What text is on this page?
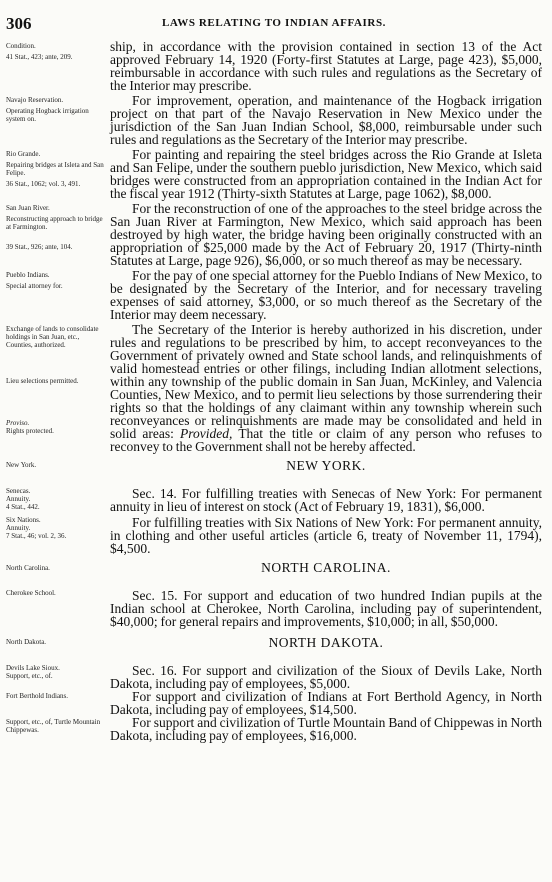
306	LAWS RELATING TO INDIAN AFFAIRS.
Condition.
41 Stat., 423; ante, 209.

ship, in accordance with the provision contained in section 13 of the Act approved February 14, 1920 (Forty-first Statutes at Large, page 423), $5,000, reimbursable in accordance with such rules and regulations as the Secretary of the Interior may prescribe.

Navajo Reservation.
Operating Hogback irrigation system on.

For improvement, operation, and maintenance of the Hogback irrigation project on that part of the Navajo Reservation in New Mexico under the jurisdiction of the San Juan Indian School, $8,000, reimbursable under such rules and regulations as the Secretary of the Interior may prescribe.

Rio Grande.
Repairing bridges at Isleta and San Felipe.
36 Stat., 1062; vol. 3, 491.

For painting and repairing the steel bridges across the Rio Grande at Isleta and San Felipe, under the southern pueblo jurisdiction, New Mexico, which said bridges were constructed from an appropriation contained in the Indian Act for the fiscal year 1912 (Thirty-sixth Statutes at Large, page 1062), $8,000.

San Juan River.
Reconstructing approach to bridge at Farmington.
39 Stat., 926; ante, 104.

For the reconstruction of one of the approaches to the steel bridge across the San Juan River at Farmington, New Mexico, which said approach has been destroyed by high water, the bridge having been originally constructed with an appropriation of $25,000 made by the Act of February 20, 1917 (Thirty-ninth Statutes at Large, page 926), $6,000, or so much thereof as may be necessary.

Pueblo Indians.
Special attorney for.

For the pay of one special attorney for the Pueblo Indians of New Mexico, to be designated by the Secretary of the Interior, and for necessary traveling expenses of said attorney, $3,000, or so much thereof as the Secretary of the Interior may deem necessary.

Exchange of lands to consolidate holdings in San Juan, etc., Counties, authorized.
Lieu selections permitted.
Proviso.
Rights protected.

The Secretary of the Interior is hereby authorized in his discretion, under rules and regulations to be prescribed by him, to accept reconveyances to the Government of privately owned and State school lands, and relinquishments of valid homestead entries or other filings, including Indian allotment selections, within any township of the public domain in San Juan, McKinley, and Valencia Counties, New Mexico, and to permit lieu selections by those surrendering their rights so that the holdings of any claimant within any township wherein such reconveyances or relinquishments are made may be consolidated and held in solid areas: Provided, That the title or claim of any person who refuses to reconvey to the Government shall not be hereby affected.

New York.	NEW YORK.
Senecas.
Annuity.
4 Stat., 442.

Sec. 14. For fulfilling treaties with Senecas of New York: For permanent annuity in lieu of interest on stock (Act of February 19, 1831), $6,000.

Six Nations.
Annuity.
7 Stat., 46; vol. 2, 36.

For fulfilling treaties with Six Nations of New York: For permanent annuity, in clothing and other useful articles (article 6, treaty of November 11, 1794), $4,500.

North Carolina.	NORTH CAROLINA.
Cherokee School.	Sec. 15. For support and education of two hundred Indian pupils at the Indian school at Cherokee, North Carolina, including pay of superintendent, $40,000; for general repairs and improvements, $10,000; in all, $50,000.

North Dakota.	NORTH DAKOTA.
Devils Lake Sioux.
Support, etc., of.	Sec. 16. For support and civilization of the Sioux of Devils Lake, North Dakota, including pay of employees, $5,000.

Fort Berthold Indians.	For support and civilization of Indians at Fort Berthold Agency, in North Dakota, including pay of employees, $14,500.

Support, etc., of, Turtle Mountain Chippewas.	For support and civilization of Turtle Mountain Band of Chippewas in North Dakota, including pay of employees, $16,000.
